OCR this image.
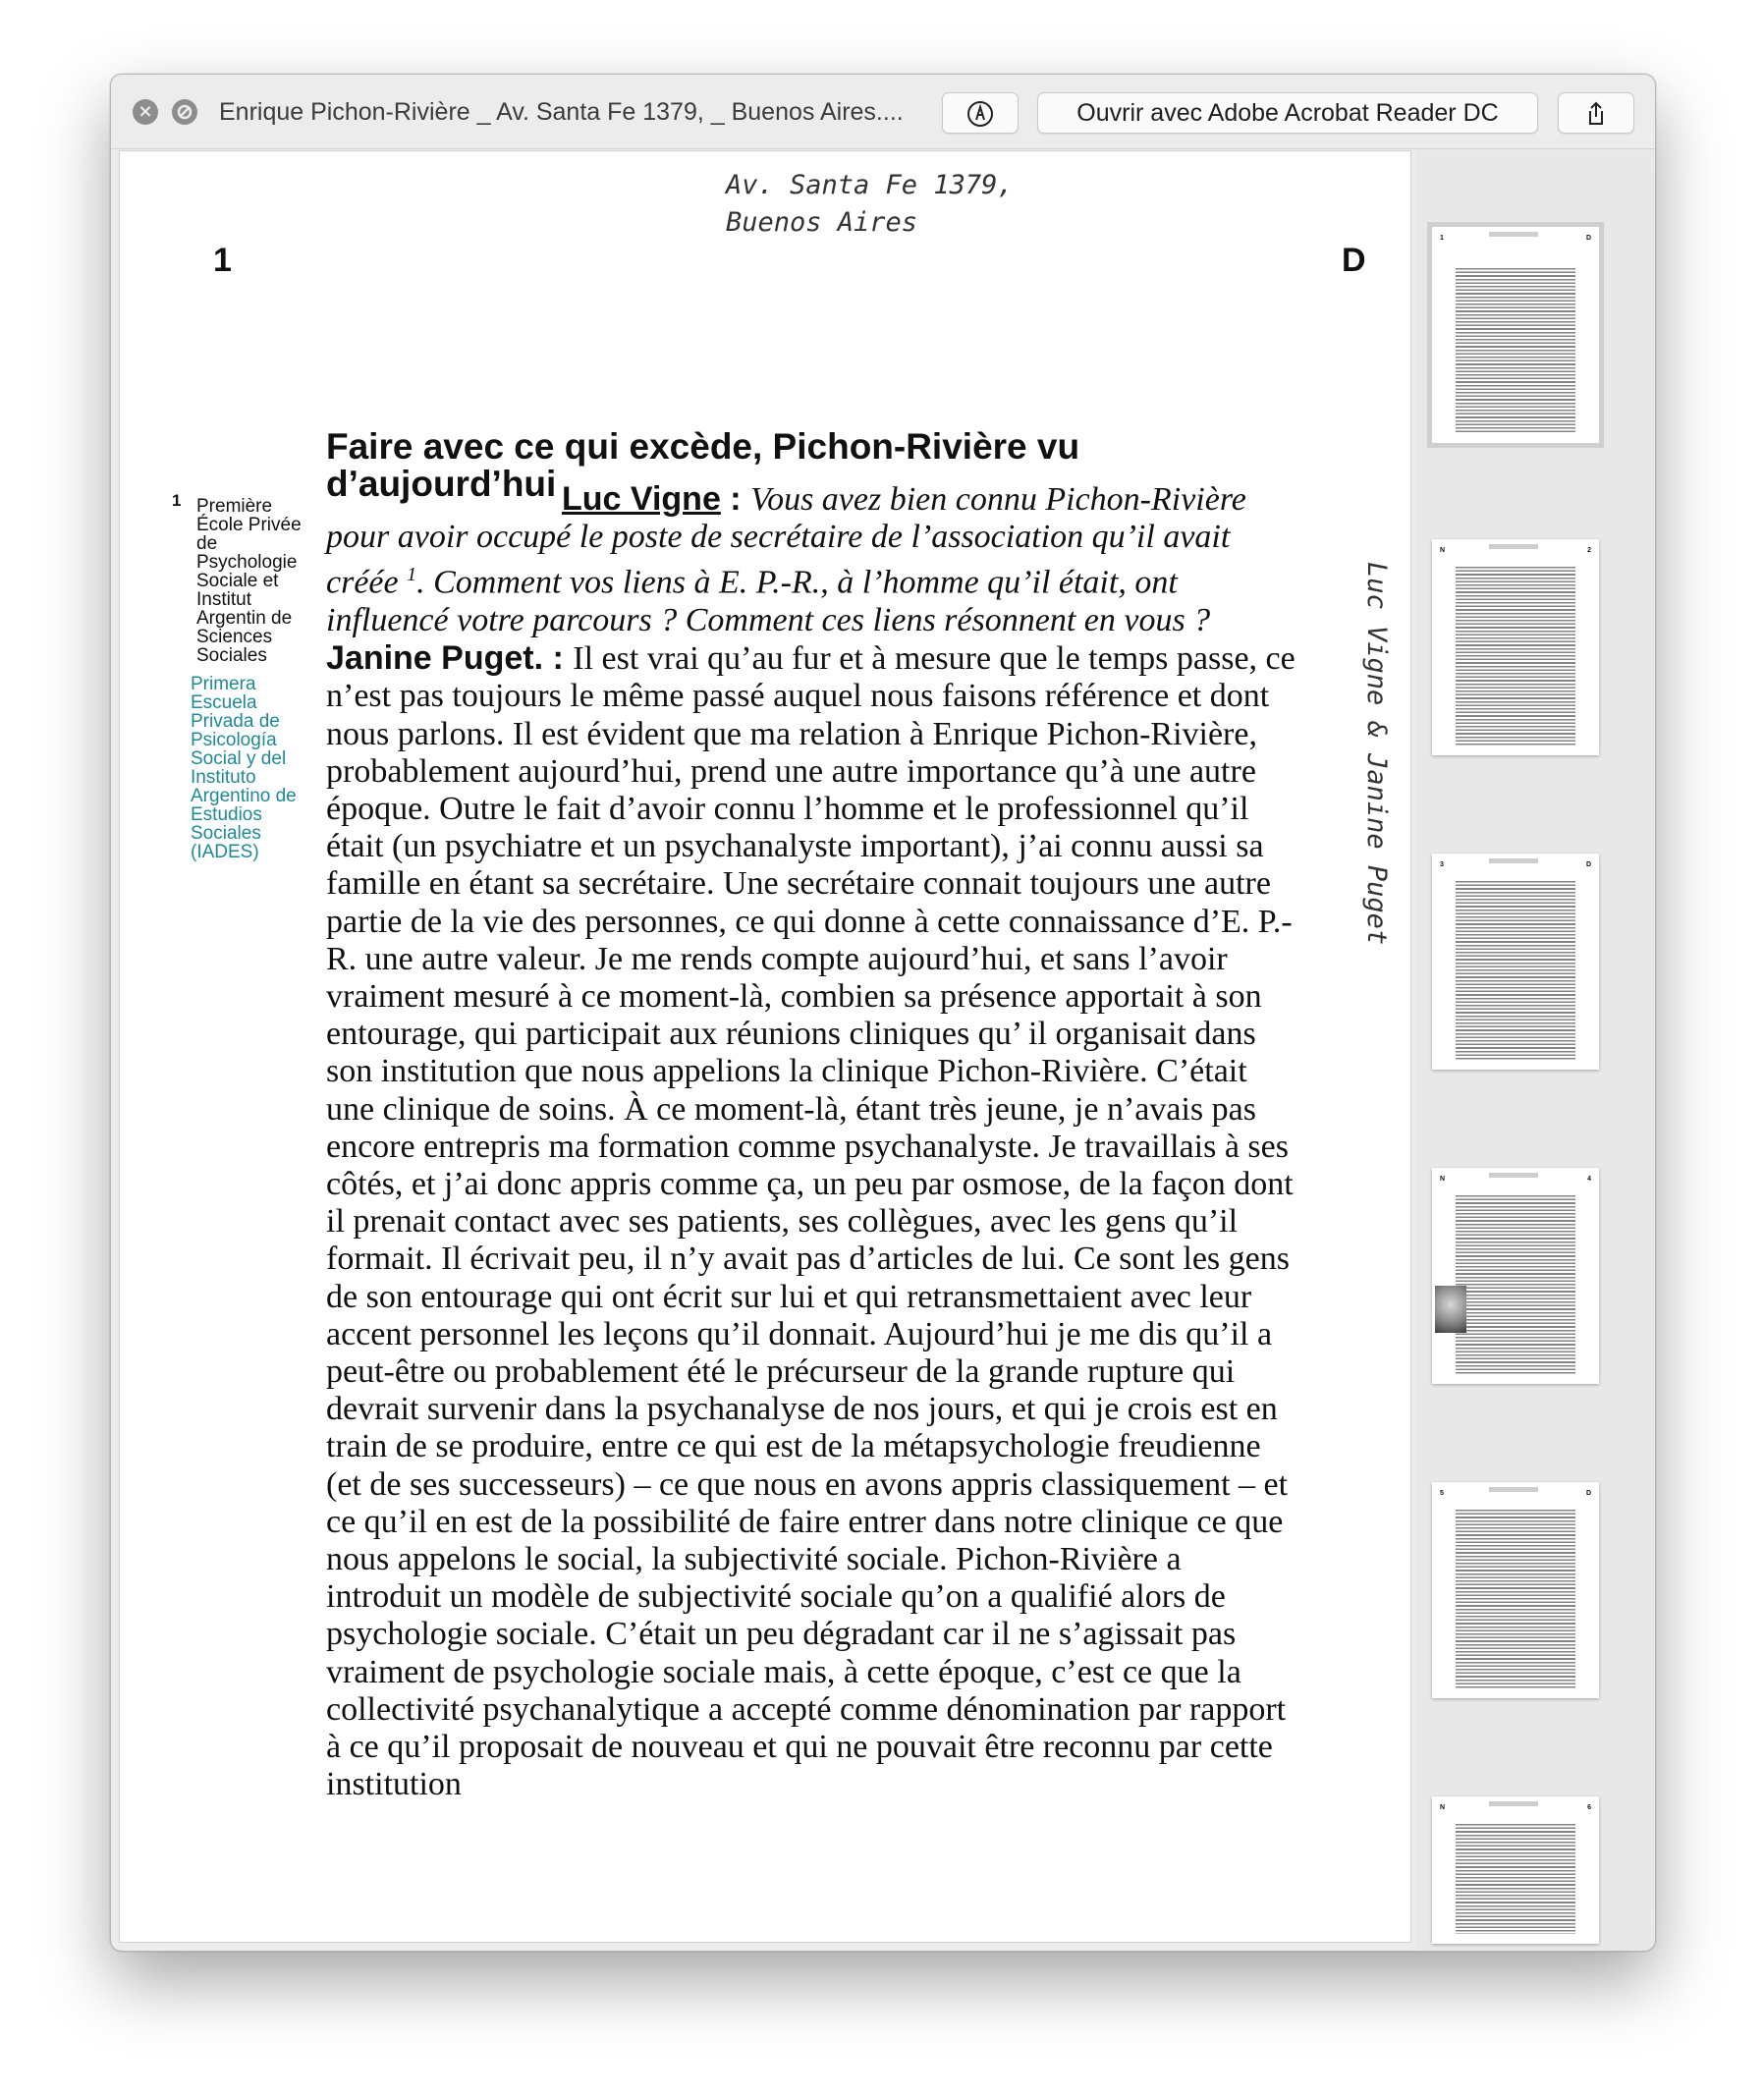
×	Enrique Pichon-Rivière _ Av. Santa Fe 1379, _ Buenos Aires....	Ouvrir avec Adobe Acrobat Reader DC
Av. Santa Fe 1379,
Buenos Aires
1	D
1 Première École Privée de Psychologie Sociale et Institut Argentin de Sciences Sociales
Primera Escuela Privada de Psicología Social y del Instituto Argentino de Estudios Sociales (IADES)
Faire avec ce qui excède, Pichon-Rivière vu d’aujourd’hui Luc Vigne : Vous avez bien connu Pichon-Rivière pour avoir occupé le poste de secrétaire de l’association qu’il avait créée $^1$. Comment vos liens à E. P.-R., à l’homme qu’il était, ont influencé votre parcours ? Comment ces liens résonnent en vous ? Janine Puget. : Il est vrai qu’au fur et à mesure que le temps passe, ce n’est pas toujours le même passé auquel nous faisons référence et dont nous parlons. Il est évident que ma relation à Enrique Pichon-Rivière, probablement aujourd’hui, prend une autre importance qu’à une autre époque. Outre le fait d’avoir connu l’homme et le professionnel qu’il était (un psychiatre et un psychanalyste important), j’ai connu aussi sa famille en étant sa secrétaire. Une secrétaire connait toujours une autre partie de la vie des personnes, ce qui donne à cette connaissance d’E. P.-R. une autre valeur. Je me rends compte aujourd’hui, et sans l’avoir vraiment mesuré à ce moment-là, combien sa présence apportait à son entourage, qui participait aux réunions cliniques qu’ il organisait dans son institution que nous appelions la clinique Pichon-Rivière. C’était une clinique de soins. À ce moment-là, étant très jeune, je n’avais pas encore entrepris ma formation comme psychanalyste. Je travaillais à ses côtés, et j’ai donc appris comme ça, un peu par osmose, de la façon dont il prenait contact avec ses patients, ses collègues, avec les gens qu’il formait. Il écrivait peu, il n’y avait pas d’articles de lui. Ce sont les gens de son entourage qui ont écrit sur lui et qui retransmettaient avec leur accent personnel les leçons qu’il donnait. Aujourd’hui je me dis qu’il a peut-être ou probablement été le précurseur de la grande rupture qui devrait survenir dans la psychanalyse de nos jours, et qui je crois est en train de se produire, entre ce qui est de la métapsychologie freudienne (et de ses successeurs) – ce que nous en avons appris classiquement – et ce qu’il en est de la possibilité de faire entrer dans notre clinique ce que nous appelons le social, la subjectivité sociale. Pichon-Rivière a introduit un modèle de subjectivité sociale qu’on a qualifié alors de psychologie sociale. C’était un peu dégradant car il ne s’agissait pas vraiment de psychologie sociale mais, à cette époque, c’est ce que la collectivité psychanalytique a accepté comme dénomination par rapport à ce qu’il proposait de nouveau et qui ne pouvait être reconnu par cette institution
Luc Vigne & Janine Puget
1	D
N	2
3	D
N	4
5	D
N	6
